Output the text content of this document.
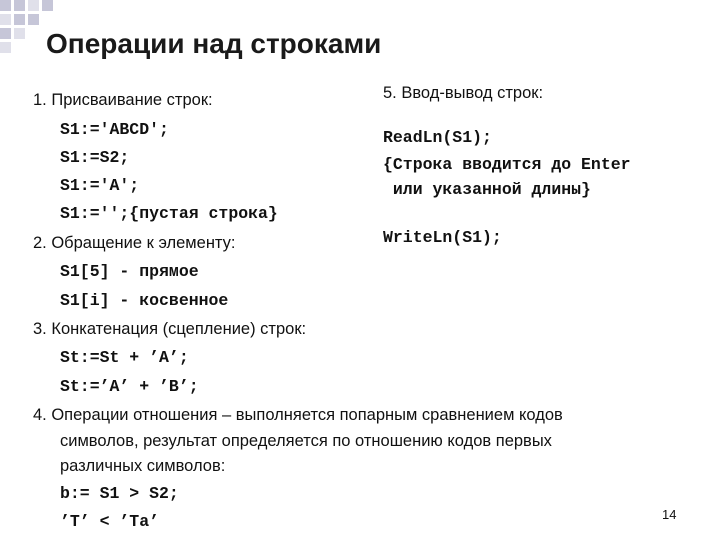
Операции над строками
1. Присваивание строк:
S1:='ABCD';
S1:=S2;
S1:='A';
S1:='';{пустая строка}
2. Обращение к элементу:
S1[5] - прямое
S1[i] - косвенное
3. Конкатенация (сцепление) строк:
St:=St + ’A’;
St:=’A’ + ’B’;
4. Операции отношения – выполняется попарным сравнением кодов
символов, результат определяется по отношению кодов первых
различных символов:
b:= S1 > S2;
’T’ < ’Ta’
5. Ввод-вывод строк:
ReadLn(S1);
{Строка вводится до Enter
или указанной длины}
WriteLn(S1);
14
